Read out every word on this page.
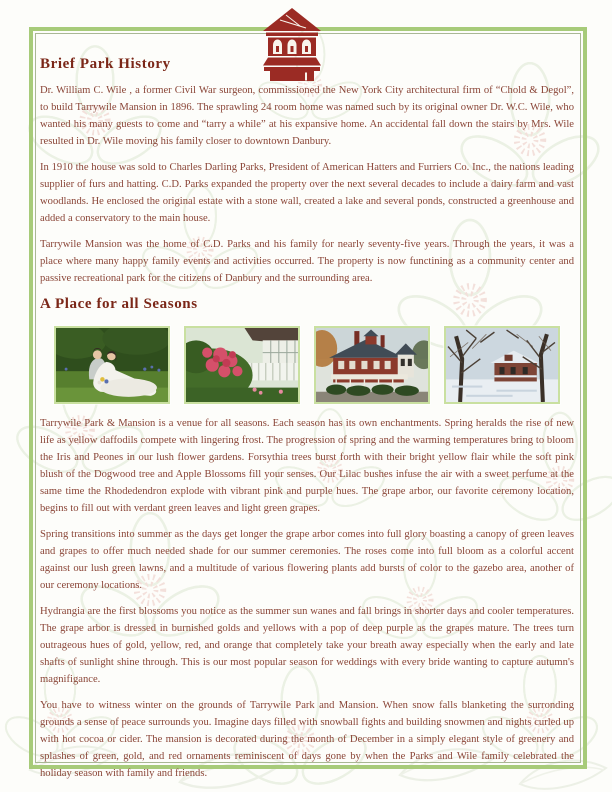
Brief Park History

Dr. William C. Wile , a former Civil War surgeon, commissioned the New York City architectural firm of “Chold & Degol”, to build Tarrywile Mansion in 1896. The sprawling 24 room home was named such by its original owner Dr. W.C. Wile, who wanted his many guests to come and “tarry a while” at his expansive home. An accidental fall down the stairs by Mrs. Wile resulted in Dr. Wile moving his family closer to downtown Danbury.

In 1910 the house was sold to Charles Darling Parks, President of American Hatters and Furriers Co. Inc., the nations leading supplier of furs and hatting. C.D. Parks expanded the property over the next several decades to include a dairy farm and vast woodlands. He enclosed the original estate with a stone wall, created a lake and several ponds, constructed a greenhouse and added a conservatory to the main house.

Tarrywile Mansion was the home of C.D. Parks and his family for nearly seventy-five years. Through the years, it was a place where many happy family events and activities occurred. The property is now functining as a community center and passive recreational park for the citizens of Danbury and the surrounding area.

A Place for all Seasons

Tarrywile Park & Mansion is a venue for all seasons. Each season has its own enchantments. Spring heralds the rise of new life as yellow daffodils compete with lingering frost. The progression of spring and the warming temperatures bring to bloom the Iris and Peones in our lush flower gardens. Forsythia trees burst forth with their bright yellow flair while the soft pink blush of the Dogwood tree and Apple Blossoms fill your senses. Our Lilac bushes infuse the air with a sweet perfume at the same time the Rhodedendron explode with vibrant pink and purple hues. The grape arbor, our favorite ceremony location, begins to fill out with verdant green leaves and light green grapes.

Spring transitions into summer as the days get longer the grape arbor comes into full glory boasting a canopy of green leaves and grapes to offer much needed shade for our summer ceremonies. The roses come into full bloom as a colorful accent against our lush green lawns, and a multitude of various flowering plants add bursts of color to the gazebo area, another of our ceremony locations.

Hydrangia are the first blossoms you notice as the summer sun wanes and fall brings in shorter days and cooler temperatures. The grape arbor is dressed in burnished golds and yellows with a pop of deep purple as the grapes mature. The trees turn outrageous hues of gold, yellow, red, and orange that completely take your breath away especially when the early and late shafts of sunlight shine through. This is our most popular season for weddings with every bride wanting to capture autumn's magnifigance.

You have to witness winter on the grounds of Tarrywile Park and Mansion. When snow falls blanketing the surronding grounds a sense of peace surrounds you. Imagine days filled with snowball fights and building snowmen and nights curled up with hot cocoa or cider. The mansion is decorated during the month of December in a simply elegant style of greenery and splashes of green, gold, and red ornaments reminiscent of days gone by when the Parks and Wile family celebrated the holiday season with family and friends.
